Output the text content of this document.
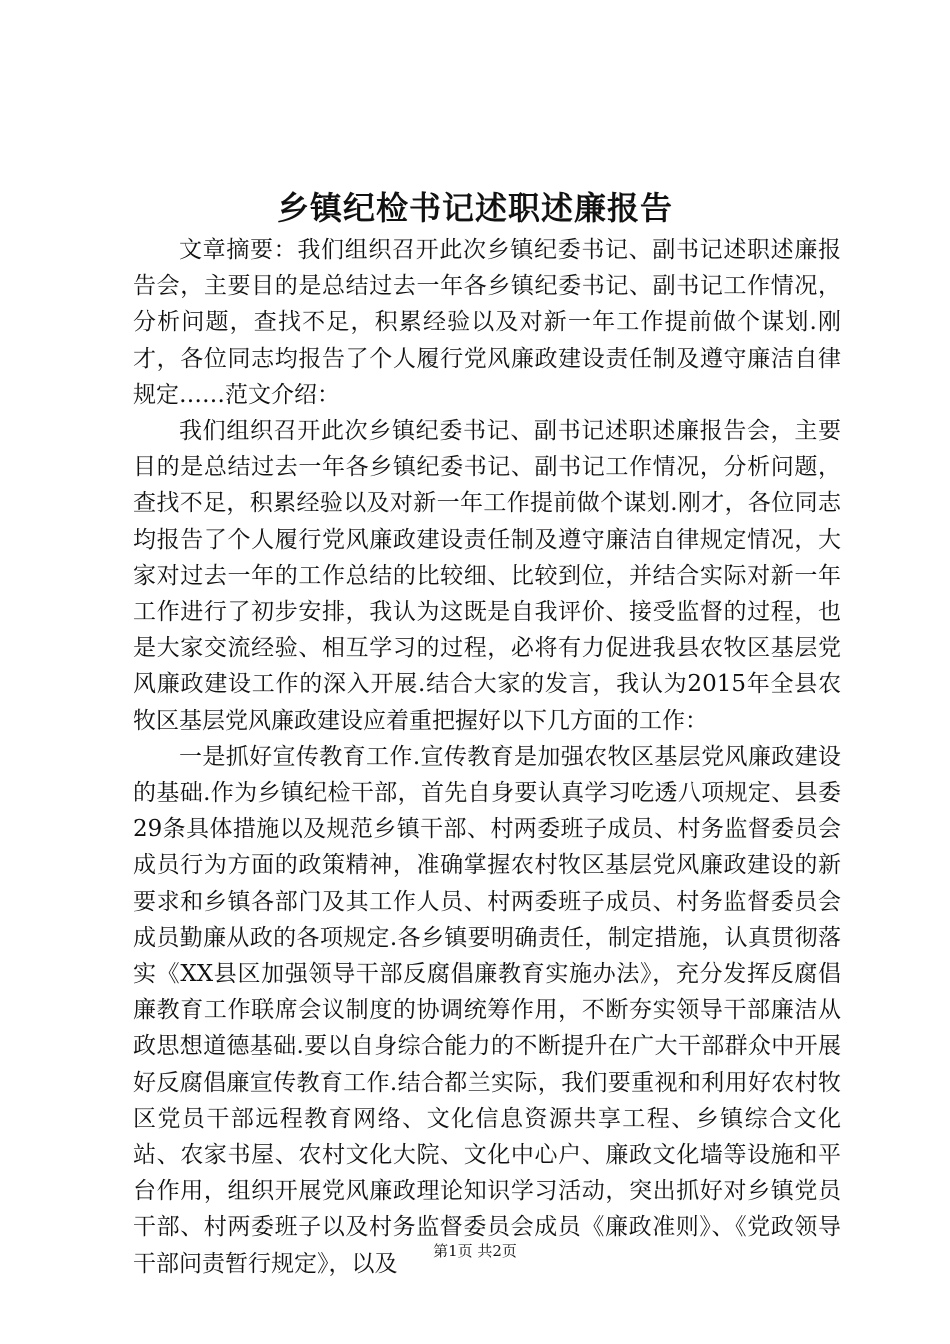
乡镇纪检书记述职述廉报告

文章摘要：我们组织召开此次乡镇纪委书记、副书记述职述廉报告会，主要目的是总结过去一年各乡镇纪委书记、副书记工作情况，分析问题，查找不足，积累经验以及对新一年工作提前做个谋划.刚才，各位同志均报告了个人履行党风廉政建设责任制及遵守廉洁自律规定……范文介绍：

我们组织召开此次乡镇纪委书记、副书记述职述廉报告会，主要目的是总结过去一年各乡镇纪委书记、副书记工作情况，分析问题，查找不足，积累经验以及对新一年工作提前做个谋划.刚才，各位同志均报告了个人履行党风廉政建设责任制及遵守廉洁自律规定情况，大家对过去一年的工作总结的比较细、比较到位，并结合实际对新一年工作进行了初步安排，我认为这既是自我评价、接受监督的过程，也是大家交流经验、相互学习的过程，必将有力促进我县农牧区基层党风廉政建设工作的深入开展.结合大家的发言，我认为2015年全县农牧区基层党风廉政建设应着重把握好以下几方面的工作：

一是抓好宣传教育工作.宣传教育是加强农牧区基层党风廉政建设的基础.作为乡镇纪检干部，首先自身要认真学习吃透八项规定、县委29条具体措施以及规范乡镇干部、村两委班子成员、村务监督委员会成员行为方面的政策精神，准确掌握农村牧区基层党风廉政建设的新要求和乡镇各部门及其工作人员、村两委班子成员、村务监督委员会成员勤廉从政的各项规定.各乡镇要明确责任，制定措施，认真贯彻落实《XX县区加强领导干部反腐倡廉教育实施办法》，充分发挥反腐倡廉教育工作联席会议制度的协调统筹作用，不断夯实领导干部廉洁从政思想道德基础.要以自身综合能力的不断提升在广大干部群众中开展好反腐倡廉宣传教育工作.结合都兰实际，我们要重视和利用好农村牧区党员干部远程教育网络、文化信息资源共享工程、乡镇综合文化站、农家书屋、农村文化大院、文化中心户、廉政文化墙等设施和平台作用，组织开展党风廉政理论知识学习活动，突出抓好对乡镇党员干部、村两委班子以及村务监督委员会成员《廉政准则》、《党政领导干部问责暂行规定》，以及	第1页 共2页
